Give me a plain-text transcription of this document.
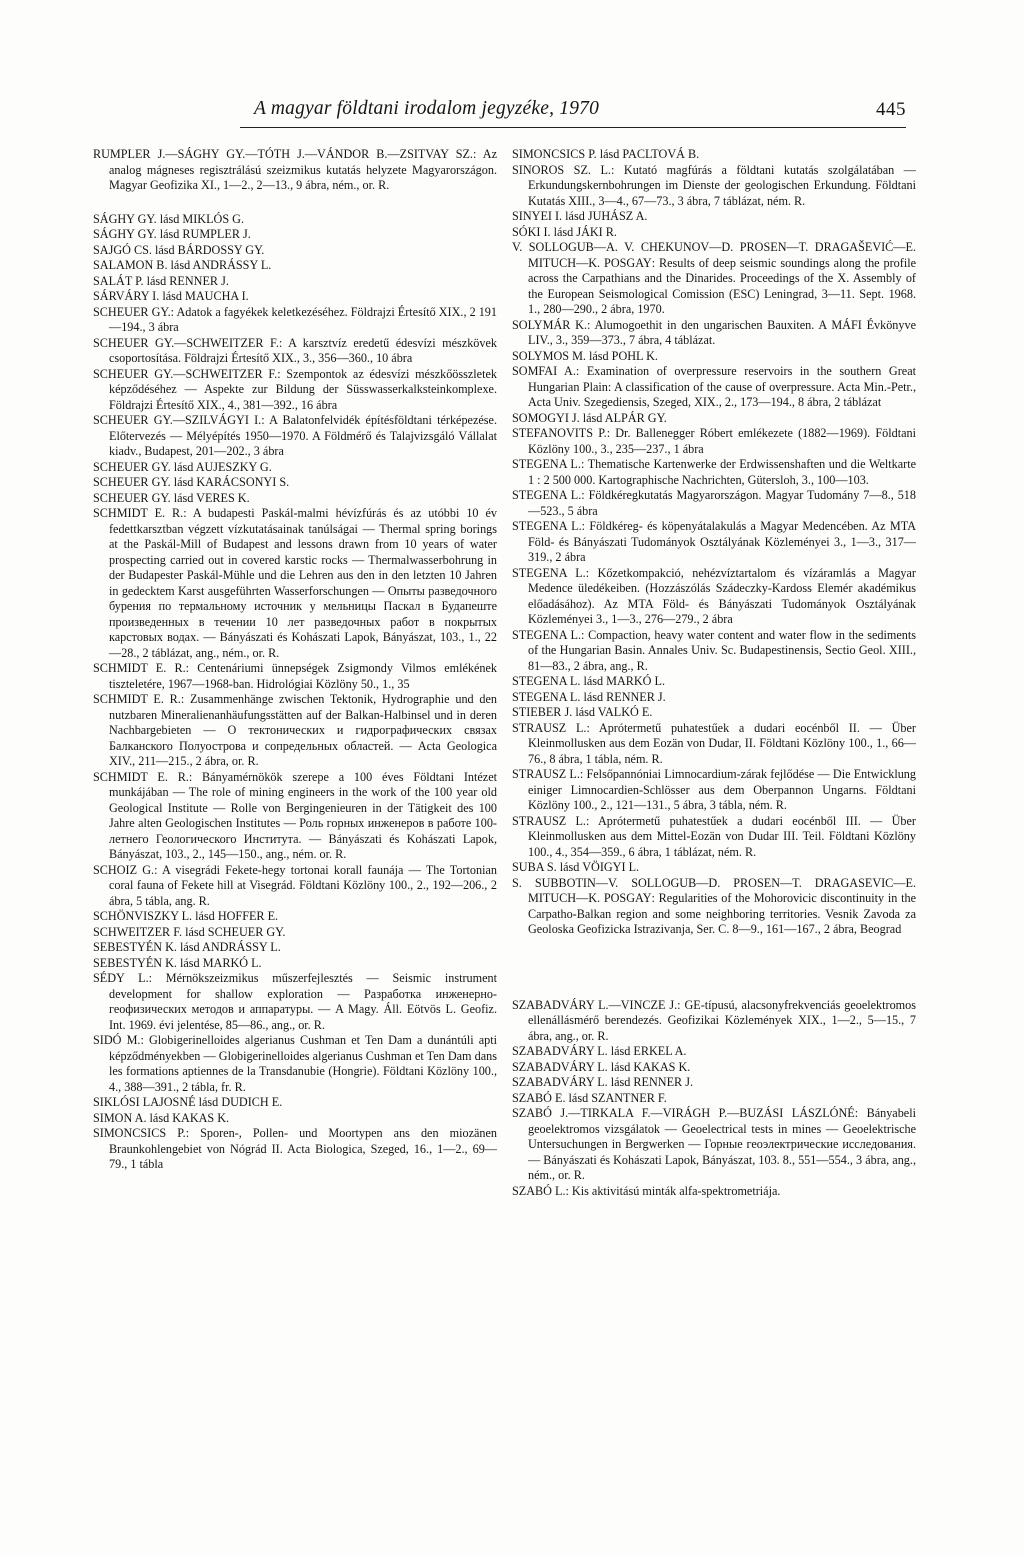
A magyar földtani irodalom jegyzéke, 1970	445

RUMPLER J.—SÁGHY GY.—TÓTH J.—VÁNDOR B.—ZSITVAY SZ.: Az analog mágneses regisztrálású szeizmikus kutatás helyzete Magyarországon. Magyar Geofizika XI., 1—2., 2—13., 9 ábra, ném., or. R.

SÁGHY GY. lásd MIKLÓS G.

SÁGHY GY. lásd RUMPLER J.

SAJGÓ CS. lásd BÁRDOSSY GY.

SALAMON B. lásd ANDRÁSSY L.

SALÁT P. lásd RENNER J.

SÁRVÁRY I. lásd MAUCHA I.

SCHEUER GY.: Adatok a fagyékek keletkezéséhez. Földrajzi Értesítő XIX., 2 191—194., 3 ábra

SCHEUER GY.—SCHWEITZER F.: A karsztvíz eredetű édesvízi mészkövek csoportosítása. Földrajzi Értesítő XIX., 3., 356—360., 10 ábra

SCHEUER GY.—SCHWEITZER F.: Szempontok az édesvízi mészkőösszletek képződéséhez — Aspekte zur Bildung der Süsswasserkalksteinkomplexe. Földrajzi Értesítő XIX., 4., 381—392., 16 ábra

SCHEUER GY.—SZILVÁGYI I.: A Balatonfelvidék építésföldtani térképezése. Előtervezés — Mélyépítés 1950—1970. A Földmérő és Talajvizsgáló Vállalat kiadv., Budapest, 201—202., 3 ábra

SCHEUER GY. lásd AUJESZKY G.

SCHEUER GY. lásd KARÁCSONYI S.

SCHEUER GY. lásd VERES K.

SCHMIDT E. R.: A budapesti Paskál-malmi hévízfúrás és az utóbbi 10 év fedettkarsztban végzett vízkutatásainak tanúlságai — Thermal spring borings at the Paskál-Mill of Budapest and lessons drawn from 10 years of water prospecting carried out in covered karstic rocks — Thermalwasserbohrung in der Budapester Paskál-Mühle und die Lehren aus den in den letzten 10 Jahren in gedecktem Karst ausgeführten Wasserforschungen — Опыты разведочного бурения по термальному источник у мельницы Паскал в Будапеште произведенных в течении 10 лет разведочных работ в покрытых карстовых водах. — Bányászati és Kohászati Lapok, Bányászat, 103., 1., 22—28., 2 táblázat, ang., ném., or. R.

SCHMIDT E. R.: Centenáriumi ünnepségek Zsigmondy Vilmos emlékének tiszteletére, 1967—1968-ban. Hidrológiai Közlöny 50., 1., 35

SCHMIDT E. R.: Zusammenhänge zwischen Tektonik, Hydrographie und den nutzbaren Mineralienanhäufungsstätten auf der Balkan-Halbinsel und in deren Nachbargebieten — О тектонических и гидрографических связах Балканского Полуострова и сопредельных областей. — Acta Geologica XIV., 211—215., 2 ábra, or. R.

SCHMIDT E. R.: Bányamérnökök szerepe a 100 éves Földtani Intézet munkájában — The role of mining engineers in the work of the 100 year old Geological Institute — Rolle von Bergingenieuren in der Tätigkeit des 100 Jahre alten Geologischen Institutes — Роль горных инженеров в работе 100-летнего Геологического Института. — Bányászati és Kohászati Lapok, Bányászat, 103., 2., 145—150., ang., ném. or. R.

SCHOIZ G.: A visegrádi Fekete-hegy tortonai korall faunája — The Tortonian coral fauna of Fekete hill at Visegrád. Földtani Közlöny 100., 2., 192—206., 2 ábra, 5 tábla, ang. R.

SCHÖNVISZKY L. lásd HOFFER E.

SCHWEITZER F. lásd SCHEUER GY.

SEBESTYÉN K. lásd ANDRÁSSY L.

SEBESTYÉN K. lásd MARKÓ L.

SÉDY L.: Mérnökszeizmikus műszerfejlesztés — Seismic instrument development for shallow exploration — Разработка инженерно-геофизических методов и аппаратуры. — A Magy. Áll. Eötvös L. Geofiz. Int. 1969. évi jelentése, 85—86., ang., or. R.

SIDÓ M.: Globigerinelloides algerianus Cushman et Ten Dam a dunántúli apti képződményekben — Globigerinelloides algerianus Cushman et Ten Dam dans les formations aptiennes de la Transdanubie (Hongrie). Földtani Közlöny 100., 4., 388—391., 2 tábla, fr. R.

SIKLÓSI LAJOSNÉ lásd DUDICH E.

SIMON A. lásd KAKAS K.

SIMONCSICS P.: Sporen-, Pollen- und Moortypen ans den miozänen Braunkohlengebiet von Nógrád II. Acta Biologica, Szeged, 16., 1—2., 69—79., 1 tábla

SIMONCSICS P. lásd PACLTOVÁ B.

SINOROS SZ. L.: Kutató magfúrás a földtani kutatás szolgálatában — Erkundungskernbohrungen im Dienste der geologischen Erkundung. Földtani Kutatás XIII., 3—4., 67—73., 3 ábra, 7 táblázat, ném. R.

SINYEI I. lásd JUHÁSZ A.

SÓKI I. lásd JÁKI R.

V. SOLLOGUB—A. V. CHEKUNOV—D. PROSEN—T. DRAGAŠEVIĆ—E. MITUCH—K. POSGAY: Results of deep seismic soundings along the profile across the Carpathians and the Dinarides. Proceedings of the X. Assembly of the European Seismological Comission (ESC) Leningrad, 3—11. Sept. 1968. 1., 280—290., 2 ábra, 1970.

SOLYMÁR K.: Alumogoethit in den ungarischen Bauxiten. A MÁFI Évkönyve LIV., 3., 359—373., 7 ábra, 4 táblázat.

SOLYMOS M. lásd POHL K.

SOMFAI A.: Examination of overpressure reservoirs in the southern Great Hungarian Plain: A classification of the cause of overpressure. Acta Min.-Petr., Acta Univ. Szegediensis, Szeged, XIX., 2., 173—194., 8 ábra, 2 táblázat

SOMOGYI J. lásd ALPÁR GY.

STEFANOVITS P.: Dr. Ballenegger Róbert emlékezete (1882—1969). Földtani Közlöny 100., 3., 235—237., 1 ábra

STEGENA L.: Thematische Kartenwerke der Erdwissenshaften und die Weltkarte 1 : 2 500 000. Kartographische Nachrichten, Gütersloh, 3., 100—103.

STEGENA L.: Földkéregkutatás Magyarországon. Magyar Tudomány 7—8., 518—523., 5 ábra

STEGENA L.: Földkéreg- és köpenyátalakulás a Magyar Medencében. Az MTA Föld- és Bányászati Tudományok Osztályának Közleményei 3., 1—3., 317—319., 2 ábra

STEGENA L.: Kőzetkompakció, nehézvíztartalom és vízáramlás a Magyar Medence üledékeiben. (Hozzászólás Szádeczky-Kardoss Elemér akadémikus előadásához). Az MTA Föld- és Bányászati Tudományok Osztályának Közleményei 3., 1—3., 276—279., 2 ábra

STEGENA L.: Compaction, heavy water content and water flow in the sediments of the Hungarian Basin. Annales Univ. Sc. Budapestinensis, Sectio Geol. XIII., 81—83., 2 ábra, ang., R.

STEGENA L. lásd MARKÓ L.

STEGENA L. lásd RENNER J.

STIEBER J. lásd VALKÓ E.

STRAUSZ L.: Aprótermetű puhatestűek a dudari eocénből II. — Über Kleinmollusken aus dem Eozän von Dudar, II. Földtani Közlöny 100., 1., 66—76., 8 ábra, 1 tábla, ném. R.

STRAUSZ L.: Felsőpannóniai Limnocardium-zárak fejlődése — Die Entwicklung einiger Limnocardien-Schlösser aus dem Oberpannon Ungarns. Földtani Közlöny 100., 2., 121—131., 5 ábra, 3 tábla, ném. R.

STRAUSZ L.: Aprótermetű puhatestűek a dudari eocénből III. — Über Kleinmollusken aus dem Mittel-Eozän von Dudar III. Teil. Földtani Közlöny 100., 4., 354—359., 6 ábra, 1 táblázat, ném. R.

SUBA S. lásd VÖIGYI L.

S. SUBBOTIN—V. SOLLOGUB—D. PROSEN—T. DRAGASEVIC—E. MITUCH—K. POSGAY: Regularities of the Mohorovicic discontinuity in the Carpatho-Balkan region and some neighboring territories. Vesnik Zavoda za Geoloska Geofizicka Istrazivanja, Ser. C. 8—9., 161—167., 2 ábra, Beograd

SZABADVÁRY L.—VINCZE J.: GE-típusú, alacsonyfrekvenciás geoelektromos ellenállásmérő berendezés. Geofizikai Közlemények XIX., 1—2., 5—15., 7 ábra, ang., or. R.

SZABADVÁRY L. lásd ERKEL A.

SZABADVÁRY L. lásd KAKAS K.

SZABADVÁRY L. lásd RENNER J.

SZABÓ E. lásd SZANTNER F.

SZABÓ J.—TIRKALA F.—VIRÁGH P.—BUZÁSI LÁSZLÓNÉ: Bányabeli geoelektromos vizsgálatok — Geoelectrical tests in mines — Geoelektrische Untersuchungen in Bergwerken — Горные геоэлектрические исследования. — Bányászati és Kohászati Lapok, Bányászat, 103. 8., 551—554., 3 ábra, ang., ném., or. R.

SZABÓ L.: Kis aktivitású minták alfa-spektrometriája.
